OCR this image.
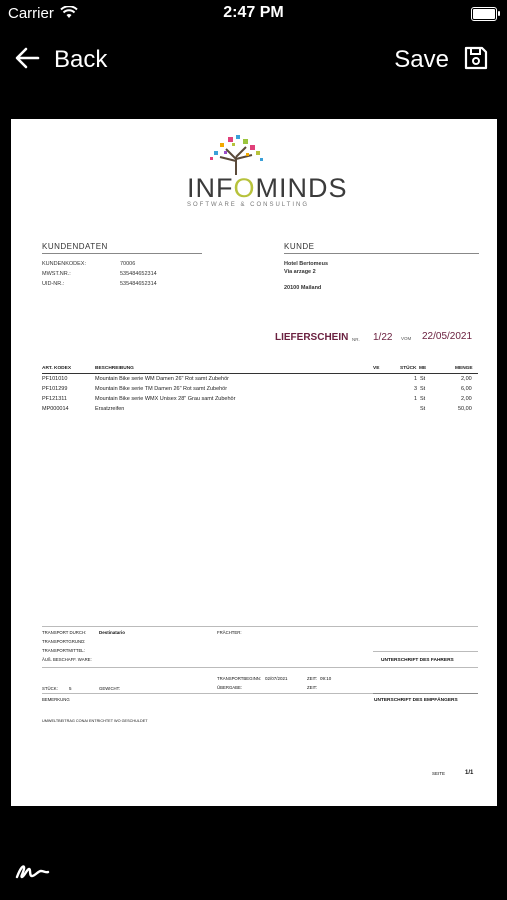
Carrier	2:47 PM
Back	Save
INFOMINDS
SOFTWARE & CONSULTING
KUNDENDATEN
KUNDENKODEX:	70006
MWST.NR.:	535484652314
UID-NR.:	535484652314
KUNDE
Hotel Bertomeus
Via arzage 2
20100 Mailand
LIEFERSCHEIN NR. 1/22 VOM 22/05/2021
ART. KODEX	BESCHREIBUNG	VE	STÜCK ME	MENGE
PF101010	Mountain Bike serie WM Damen 26" Rot samt Zubehör	1 St	2,00
PF101299	Mountain Bike serie TM Damen 26" Rot samt Zubehör	3 St	6,00
PF121311	Mountain Bike serie WMX Unisex 28" Grau samt Zubehör	1 St	2,00
MP000014	Ersatzreifen	St	50,00
TRANSPORT DURCH:	Destinatario	FRÄCHTER:
TRANSPORTGRUND:
TRANSPORTMITTEL:
ÄUß. BESCHAFF. WARE:	UNTERSCHRIFT DES FAHRERS
TRANSPORTBEGINN: 02/07/2021	ZEIT: 09:10
ÜBERGABE:	ZEIT:
STÜCK: 5	GEWICHT:
BEMERKUNG	UNTERSCHRIFT DES EMPFÄNGERS
UMWELTBEITRAG CONAI ENTRICHTET WO GESCHULDET
SEITE	1/1
